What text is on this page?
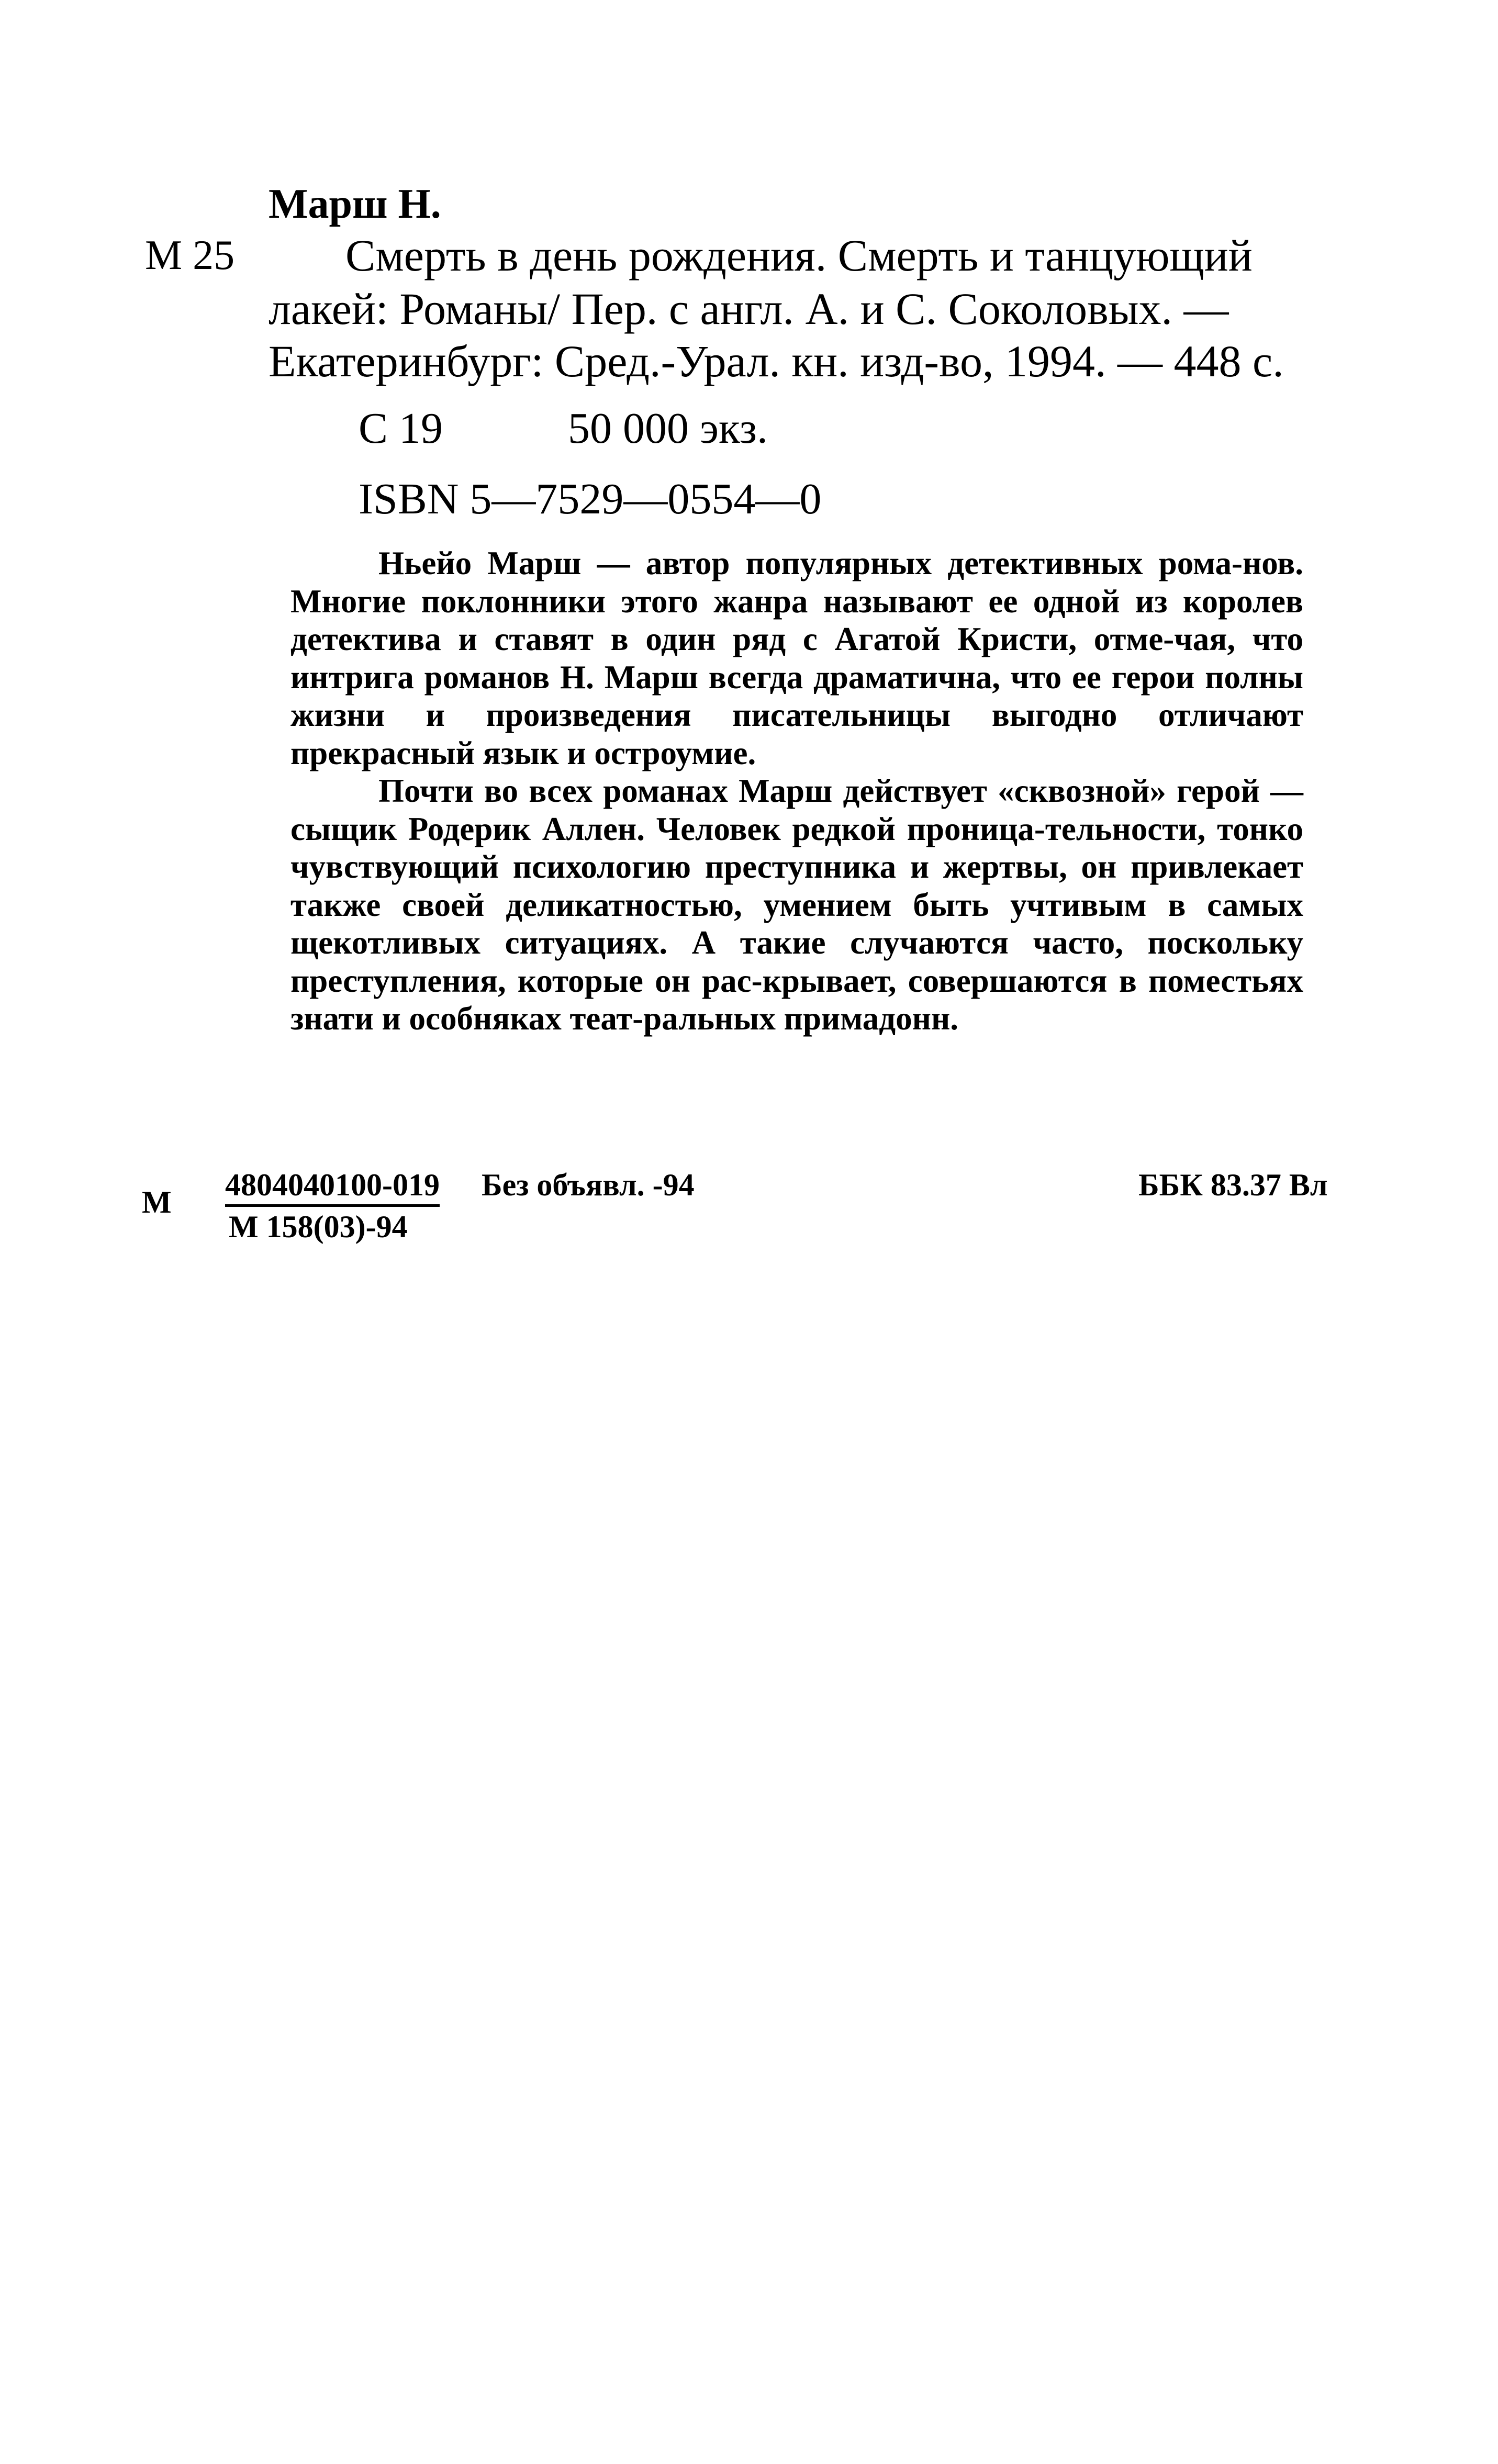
Марш Н.
М 25 Смерть в день рождения. Смерть и танцующий
лакей: Романы/ Пер. с англ. А. и С. Соколовых. —
Екатеринбург: Сред.-Урал. кн. изд-во, 1994. — 448 с.
С 19	50 000 экз.
ISBN 5—7529—0554—0

Ньейо Марш — автор популярных детективных рома-нов. Многие поклонники этого жанра называют ее одной из королев детектива и ставят в один ряд с Агатой Кристи, отме-чая, что интрига романов Н. Марш всегда драматична, что ее герои полны жизни и произведения писательницы выгодно отличают прекрасный язык и остроумие.

Почти во всех романах Марш действует «сквозной» герой — сыщик Родерик Аллен. Человек редкой проница-тельности, тонко чувствующий психологию преступника и жертвы, он привлекает также своей деликатностью, умением быть учтивым в самых щекотливых ситуациях. А такие случаются часто, поскольку преступления, которые он рас-крывает, совершаются в поместьях знати и особняках теат-ральных примадонн.

М 4804040100-019
М 158(03)-94
Без объявл. -94	ББК 83.37 Вл
